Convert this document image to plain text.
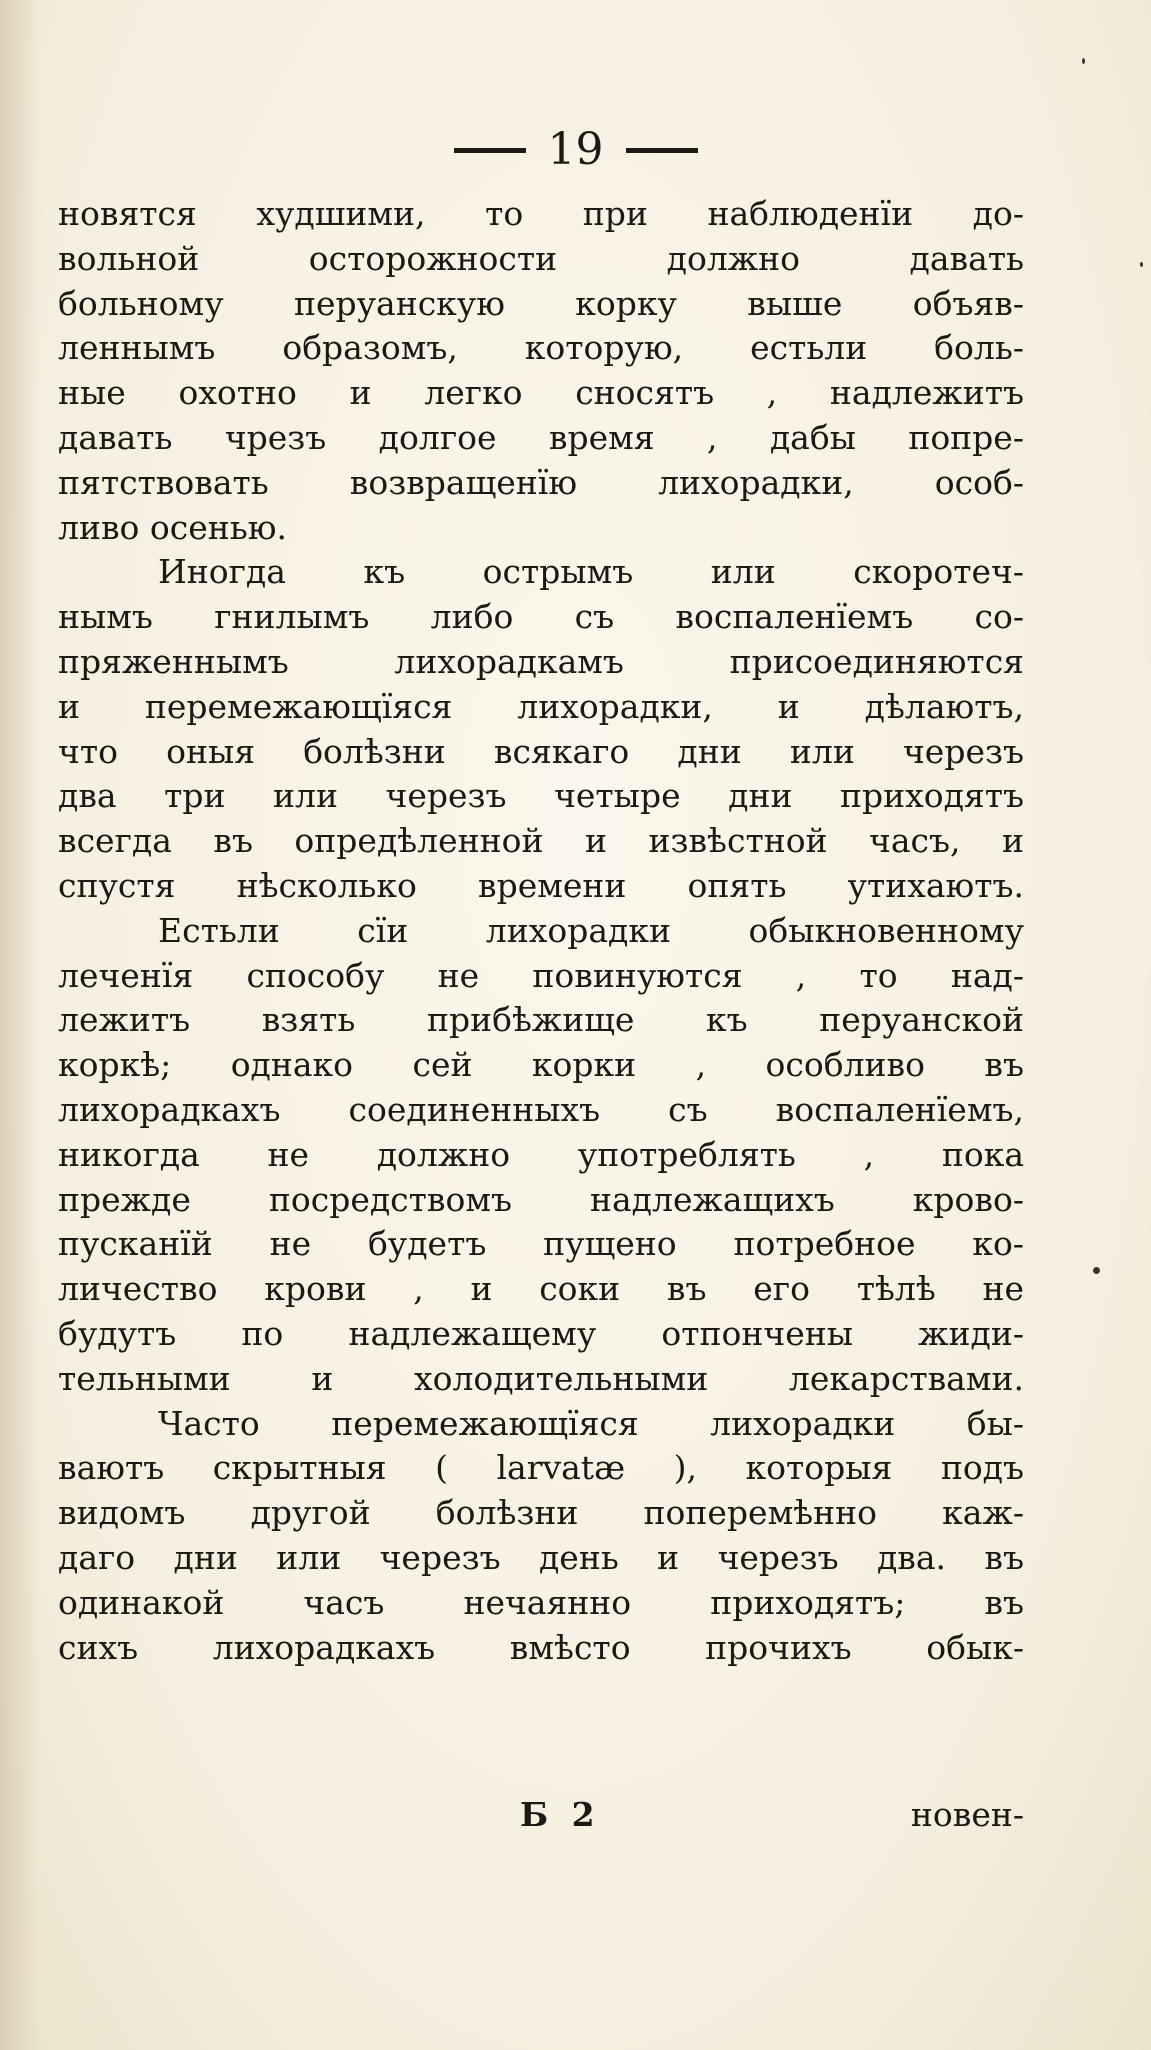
19
новятся худшими, то при наблюденїи до-
вольной осторожности должно давать
больному перуанскую корку выше объяв-
леннымъ образомъ, которую, естьли боль-
ные охотно и легко сносятъ , надлежитъ
давать чрезъ долгое время , дабы попре-
пятствовать возвращенїю лихорадки, особ-
ливо осенью.
Иногда къ острымъ или скоротеч-
нымъ гнилымъ либо съ воспаленїемъ со-
пряженнымъ лихорадкамъ присоединяются
и перемежающїяся лихорадки, и дѣлаютъ,
что оныя болѣзни всякаго дни или черезъ
два три или черезъ четыре дни приходятъ
всегда въ опредѣленной и извѣстной часъ, и
спустя нѣсколько времени опять утихаютъ.
Естьли сїи лихорадки обыкновенному
леченїя способу не повинуются , то над-
лежитъ взять прибѣжище къ перуанской
коркѣ; однако сей корки , особливо въ
лихорадкахъ соединенныхъ съ воспаленїемъ,
никогда не должно употреблять , пока
прежде посредствомъ надлежащихъ крово-
пусканїй не будетъ пущено потребное ко-
личество крови , и соки въ его тѣлѣ не
будутъ по надлежащему отпончены жиди-
тельными и холодительными лекарствами.
Часто перемежающїяся лихорадки бы-
ваютъ скрытныя ( larvatæ ), которыя подъ
видомъ другой болѣзни поперемѣнно каж-
даго дни или черезъ день и черезъ два. въ
одинакой часъ нечаянно приходятъ; въ
сихъ лихорадкахъ вмѣсто прочихъ обык-
Б 2	новен-
